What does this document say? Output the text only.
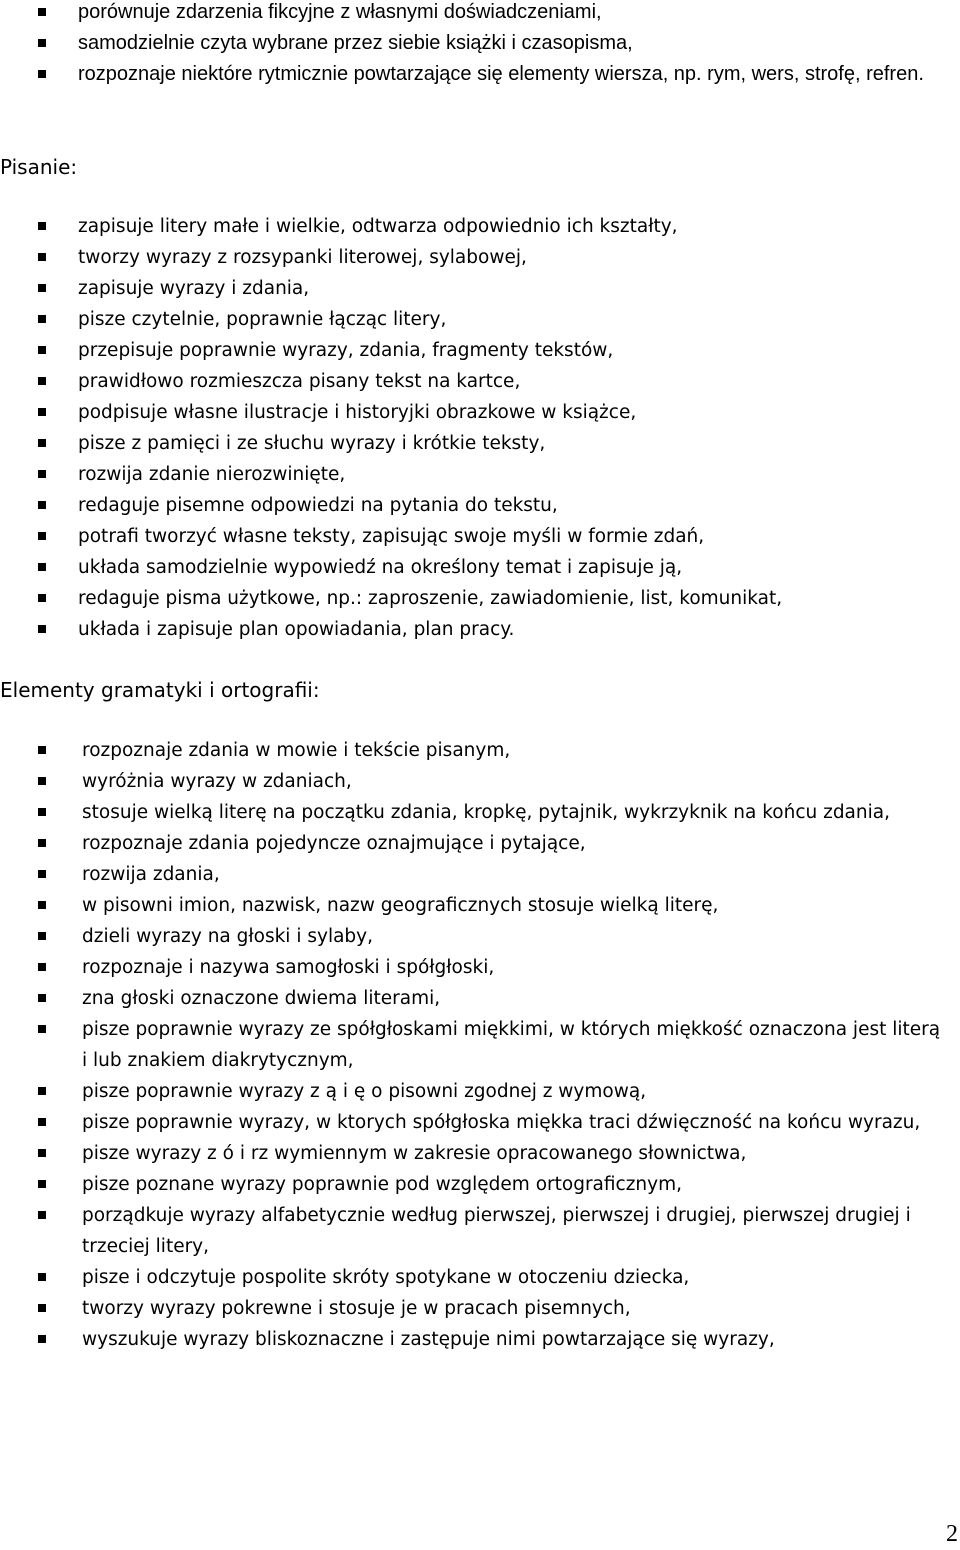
porównuje zdarzenia fikcyjne z własnymi doświadczeniami,
samodzielnie czyta wybrane przez siebie książki i czasopisma,
rozpoznaje niektóre rytmicznie powtarzające się elementy wiersza, np. rym, wers, strofę, refren.
Pisanie:
zapisuje litery małe i wielkie, odtwarza odpowiednio ich kształty,
tworzy wyrazy z rozsypanki literowej, sylabowej,
zapisuje wyrazy i zdania,
pisze czytelnie, poprawnie łącząc litery,
przepisuje poprawnie wyrazy, zdania, fragmenty tekstów,
prawidłowo rozmieszcza pisany tekst na kartce,
podpisuje własne ilustracje i historyjki obrazkowe w książce,
pisze z pamięci i ze słuchu wyrazy i krótkie teksty,
rozwija zdanie nierozwinięte,
redaguje pisemne odpowiedzi na pytania do tekstu,
potrafi tworzyć własne teksty, zapisując swoje myśli w formie zdań,
układa samodzielnie wypowiedź na określony temat i zapisuje ją,
redaguje pisma użytkowe, np.: zaproszenie, zawiadomienie, list, komunikat,
układa i zapisuje plan opowiadania, plan pracy.
Elementy gramatyki i ortografii:
rozpoznaje zdania w mowie i tekście pisanym,
wyróżnia wyrazy w zdaniach,
stosuje wielką literę na początku zdania, kropkę, pytajnik, wykrzyknik na końcu zdania,
rozpoznaje zdania pojedyncze oznajmujące i pytające,
rozwija zdania,
w pisowni imion, nazwisk, nazw geograficznych stosuje wielką literę,
dzieli wyrazy na głoski i sylaby,
rozpoznaje i nazywa samogłoski i spółgłoski,
zna głoski oznaczone dwiema literami,
pisze poprawnie wyrazy ze spółgłoskami miękkimi, w których miękkość oznaczona jest literą i lub znakiem diakrytycznym,
pisze poprawnie wyrazy z ą i ę o pisowni zgodnej z wymową,
pisze poprawnie wyrazy, w ktorych spółgłoska miękka traci dźwięczność na końcu wyrazu,
pisze wyrazy z ó i rz wymiennym w zakresie opracowanego słownictwa,
pisze poznane wyrazy poprawnie pod względem ortograficznym,
porządkuje wyrazy alfabetycznie według pierwszej, pierwszej i drugiej, pierwszej drugiej i trzeciej litery,
pisze i odczytuje pospolite skróty spotykane w otoczeniu dziecka,
tworzy wyrazy pokrewne i stosuje je w pracach pisemnych,
wyszukuje wyrazy bliskoznaczne i zastępuje nimi powtarzające się wyrazy,
2
